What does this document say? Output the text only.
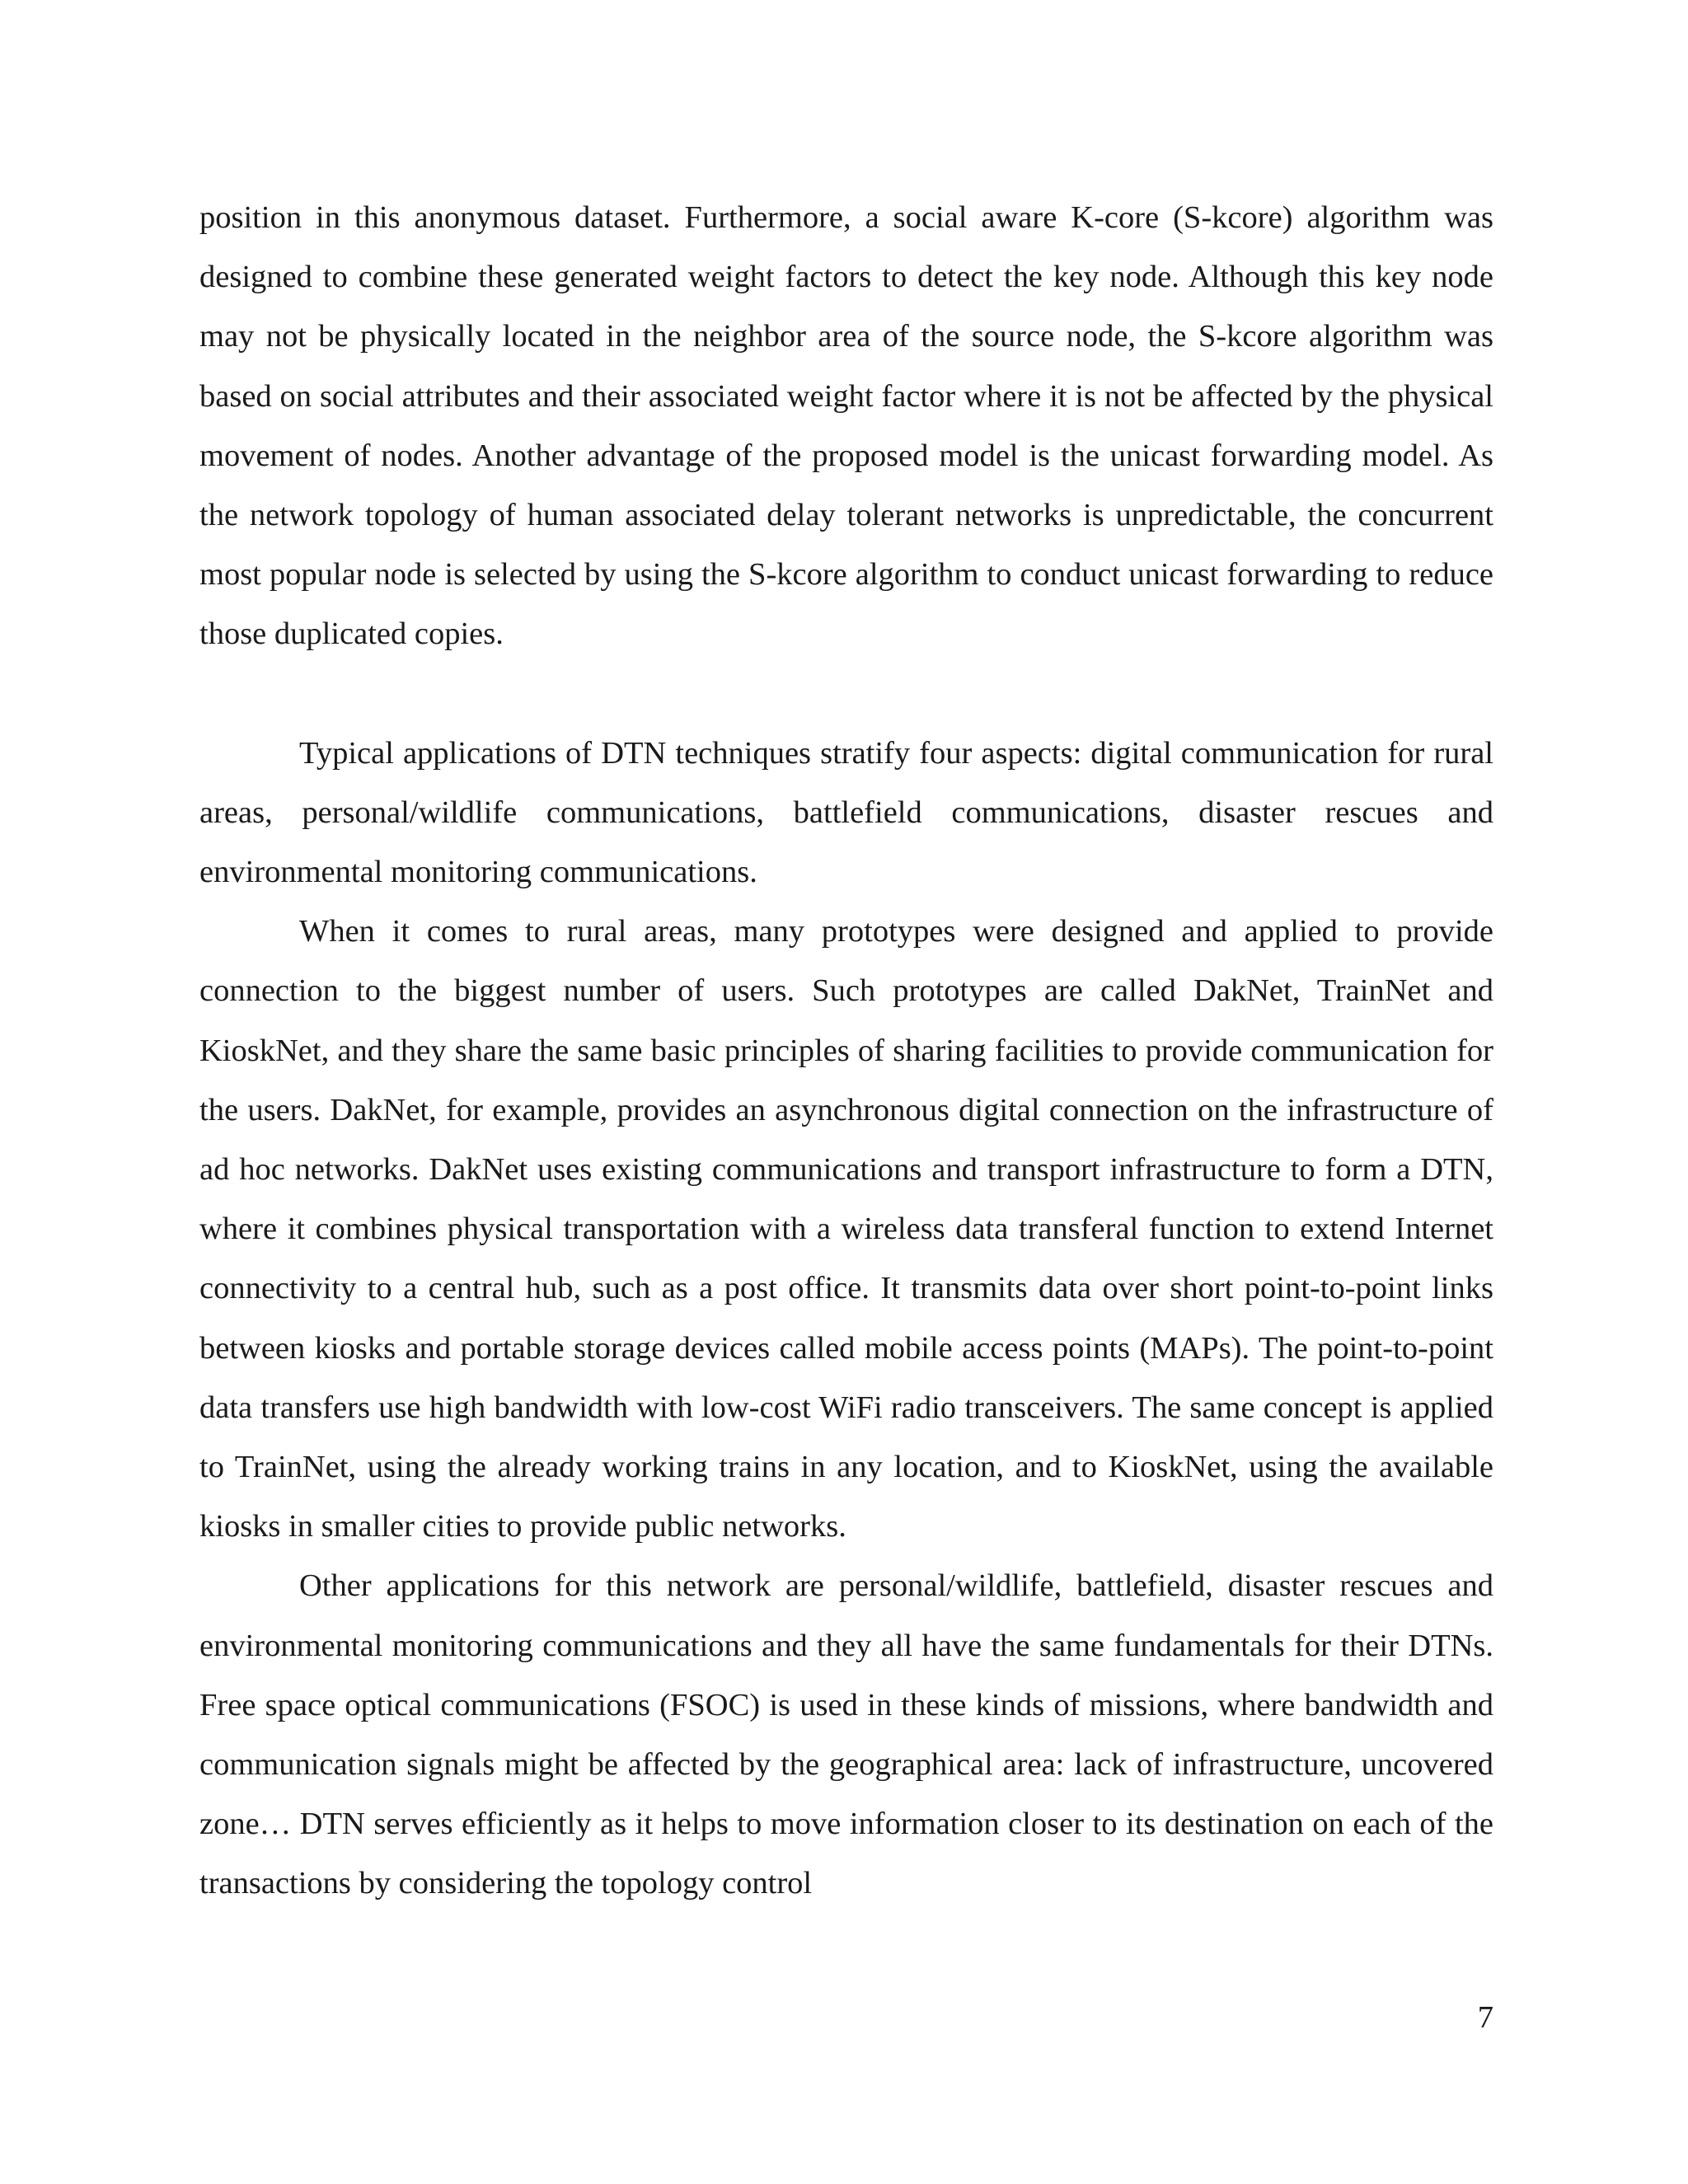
position in this anonymous dataset. Furthermore, a social aware K-core (S-kcore) algorithm was designed to combine these generated weight factors to detect the key node. Although this key node may not be physically located in the neighbor area of the source node, the S-kcore algorithm was based on social attributes and their associated weight factor where it is not be affected by the physical movement of nodes. Another advantage of the proposed model is the unicast forwarding model. As the network topology of human associated delay tolerant networks is unpredictable, the concurrent most popular node is selected by using the S-kcore algorithm to conduct unicast forwarding to reduce those duplicated copies.

Typical applications of DTN techniques stratify four aspects: digital communication for rural areas, personal/wildlife communications, battlefield communications, disaster rescues and environmental monitoring communications.

When it comes to rural areas, many prototypes were designed and applied to provide connection to the biggest number of users. Such prototypes are called DakNet, TrainNet and KioskNet, and they share the same basic principles of sharing facilities to provide communication for the users. DakNet, for example, provides an asynchronous digital connection on the infrastructure of ad hoc networks. DakNet uses existing communications and transport infrastructure to form a DTN, where it combines physical transportation with a wireless data transferal function to extend Internet connectivity to a central hub, such as a post office. It transmits data over short point-to-point links between kiosks and portable storage devices called mobile access points (MAPs). The point-to-point data transfers use high bandwidth with low-cost WiFi radio transceivers. The same concept is applied to TrainNet, using the already working trains in any location, and to KioskNet, using the available kiosks in smaller cities to provide public networks.

Other applications for this network are personal/wildlife, battlefield, disaster rescues and environmental monitoring communications and they all have the same fundamentals for their DTNs. Free space optical communications (FSOC) is used in these kinds of missions, where bandwidth and communication signals might be affected by the geographical area: lack of infrastructure, uncovered zone… DTN serves efficiently as it helps to move information closer to its destination on each of the transactions by considering the topology control

7
